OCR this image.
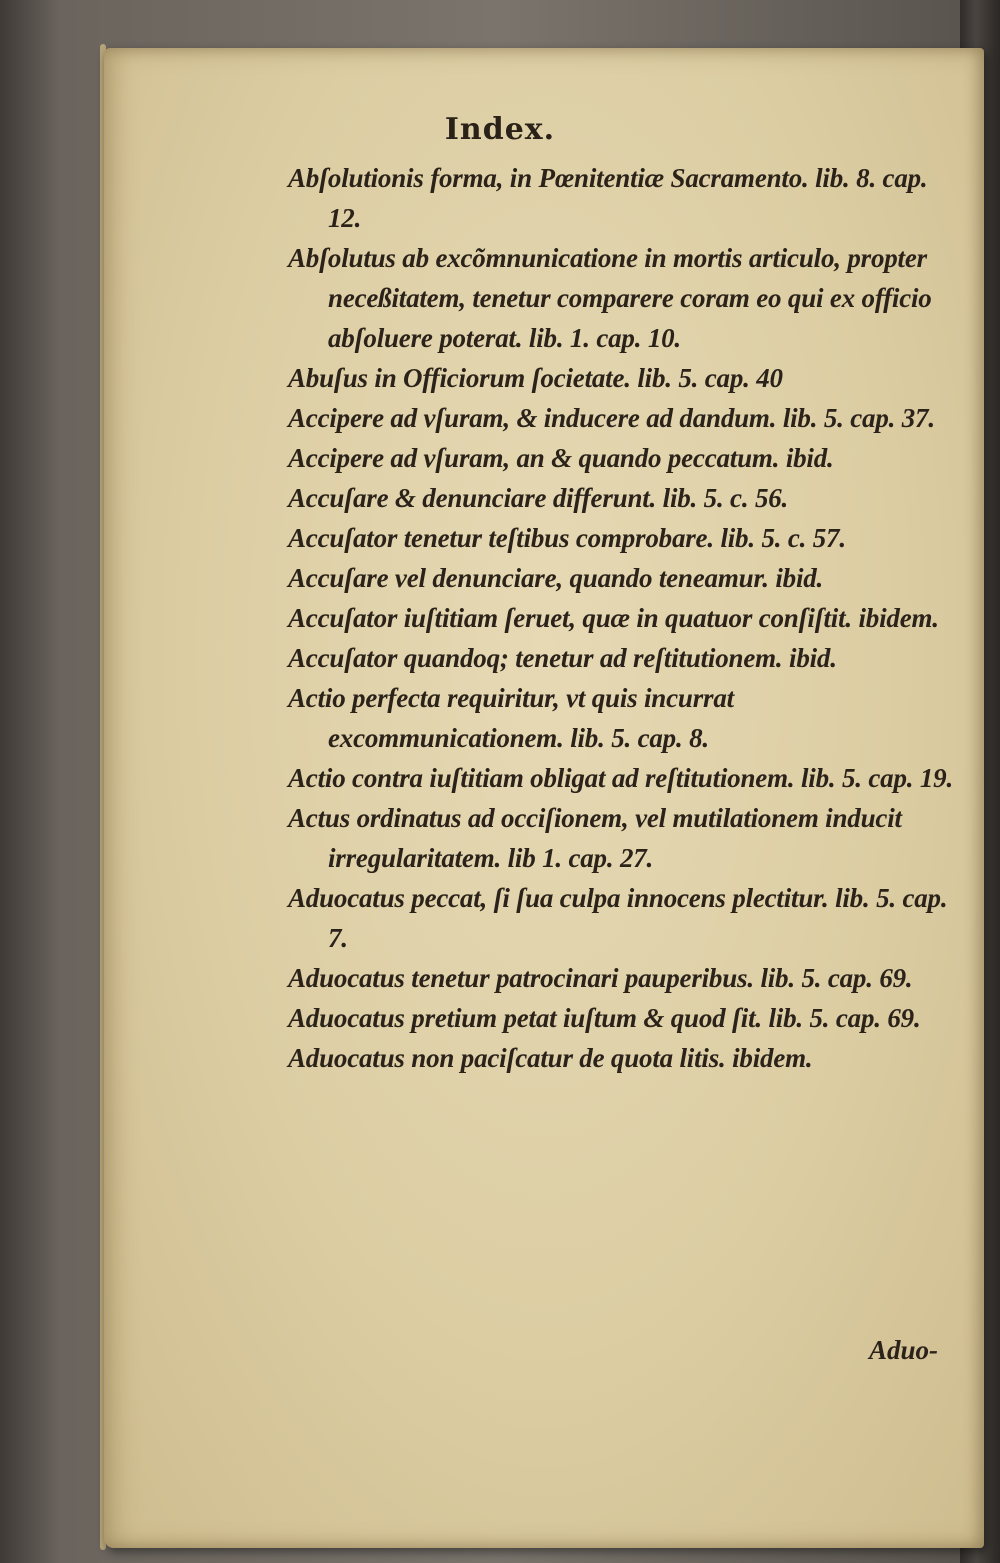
Index.
Abſolutionis forma, in Pœnitentiæ Sacramento. lib. 8. cap. 12.
Abſolutus ab excõmnunicatione in mortis articulo, propter neceßitatem, tenetur comparere coram eo qui ex officio abſoluere poterat. lib. 1. cap. 10.
Abuſus in Officiorum ſocietate. lib. 5. cap. 40
Accipere ad vſuram, & inducere ad dandum. lib. 5. cap. 37.
Accipere ad vſuram, an & quando peccatum. ibid.
Accuſare & denunciare differunt. lib. 5. c. 56.
Accuſator tenetur teſtibus comprobare. lib. 5. c. 57.
Accuſare vel denunciare, quando teneamur. ibid.
Accuſator iuſtitiam ſeruet, quæ in quatuor conſiſtit. ibidem.
Accuſator quandoq; tenetur ad reſtitutionem. ibid.
Actio perfecta requiritur, vt quis incurrat excommunicationem. lib. 5. cap. 8.
Actio contra iuſtitiam obligat ad reſtitutionem. lib. 5. cap. 19.
Actus ordinatus ad occiſionem, vel mutilationem inducit irregularitatem. lib 1. cap. 27.
Aduocatus peccat, ſi ſua culpa innocens plectitur. lib. 5. cap. 7.
Aduocatus tenetur patrocinari pauperibus. lib. 5. cap. 69.
Aduocatus pretium petat iuſtum & quod ſit. lib. 5. cap. 69.
Aduocatus non paciſcatur de quota litis. ibidem.
Aduo-
